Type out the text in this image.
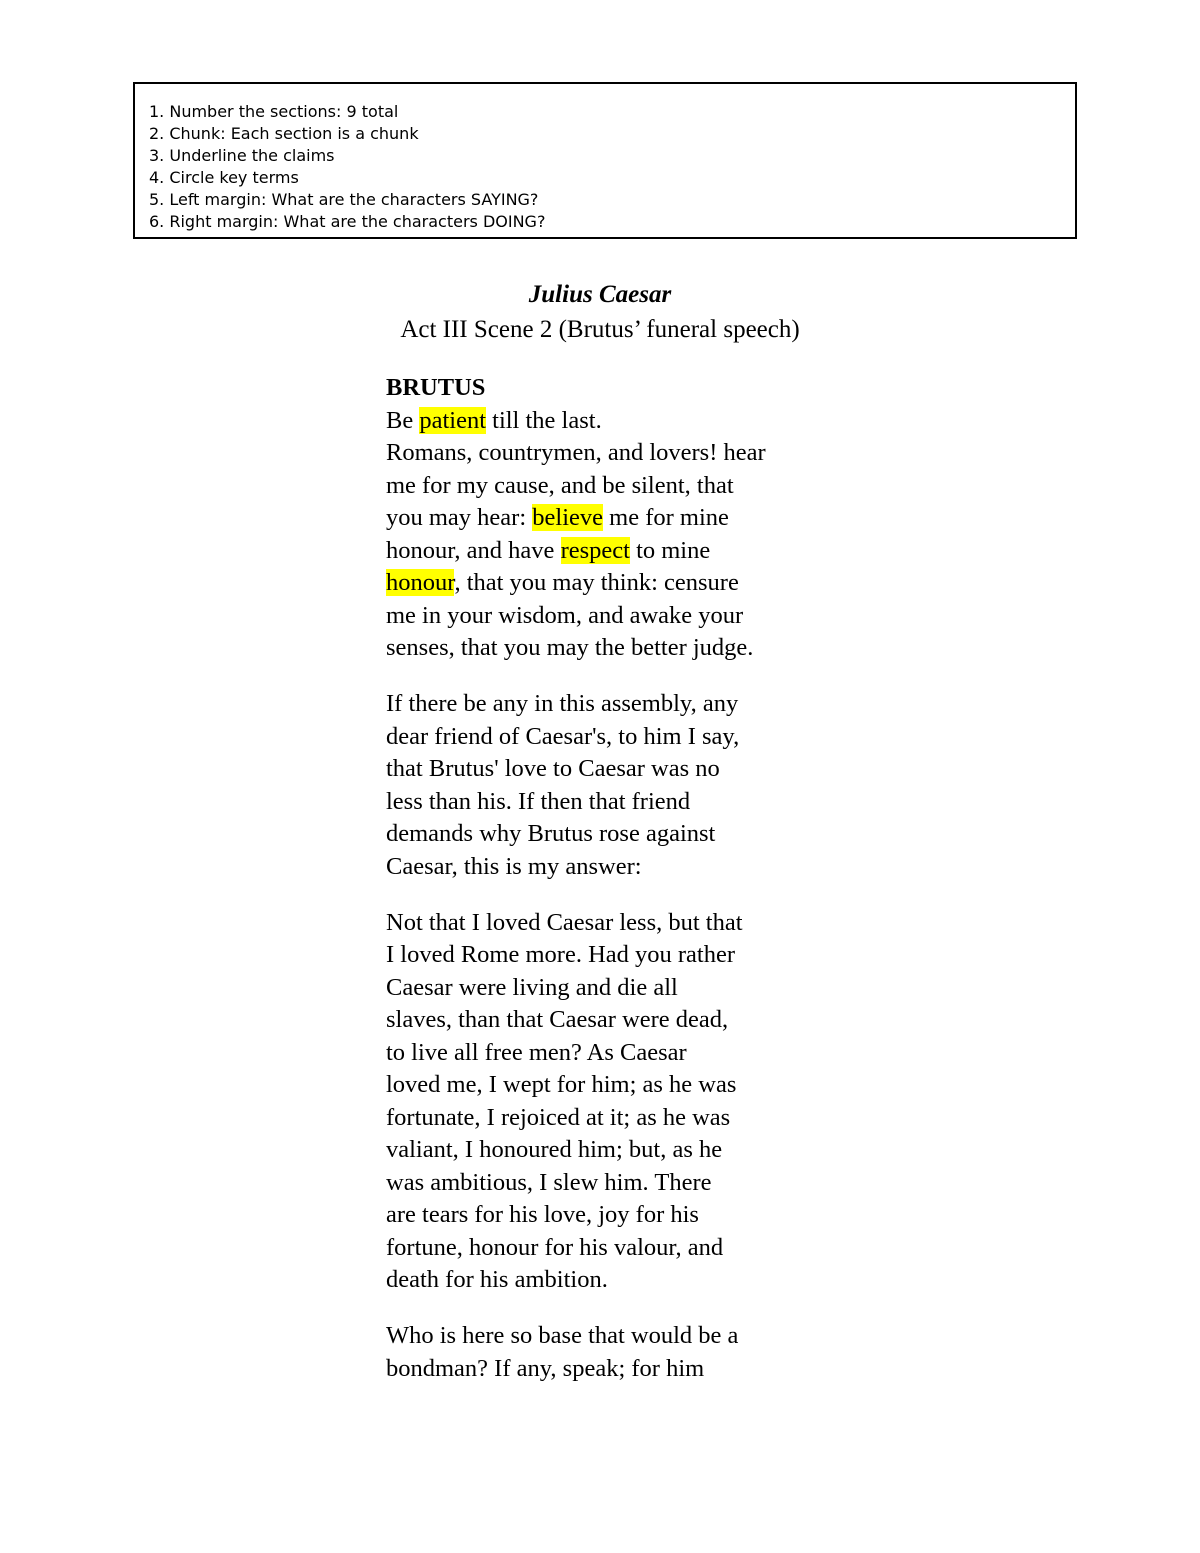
1. Number the sections: 9 total
2. Chunk: Each section is a chunk
3. Underline the claims
4. Circle key terms
5. Left margin: What are the characters SAYING?
6. Right margin: What are the characters DOING?
Julius Caesar
Act III Scene 2 (Brutus’ funeral speech)
BRUTUS
Be patient till the last.
Romans, countrymen, and lovers! hear
me for my cause, and be silent, that
you may hear: believe me for mine
honour, and have respect to mine
honour, that you may think: censure
me in your wisdom, and awake your
senses, that you may the better judge.
If there be any in this assembly, any
dear friend of Caesar's, to him I say,
that Brutus' love to Caesar was no
less than his. If then that friend
demands why Brutus rose against
Caesar, this is my answer:
Not that I loved Caesar less, but that
I loved Rome more. Had you rather
Caesar were living and die all
slaves, than that Caesar were dead,
to live all free men? As Caesar
loved me, I wept for him; as he was
fortunate, I rejoiced at it; as he was
valiant, I honoured him; but, as he
was ambitious, I slew him. There
are tears for his love, joy for his
fortune, honour for his valour, and
death for his ambition.
Who is here so base that would be a
bondman? If any, speak; for him
